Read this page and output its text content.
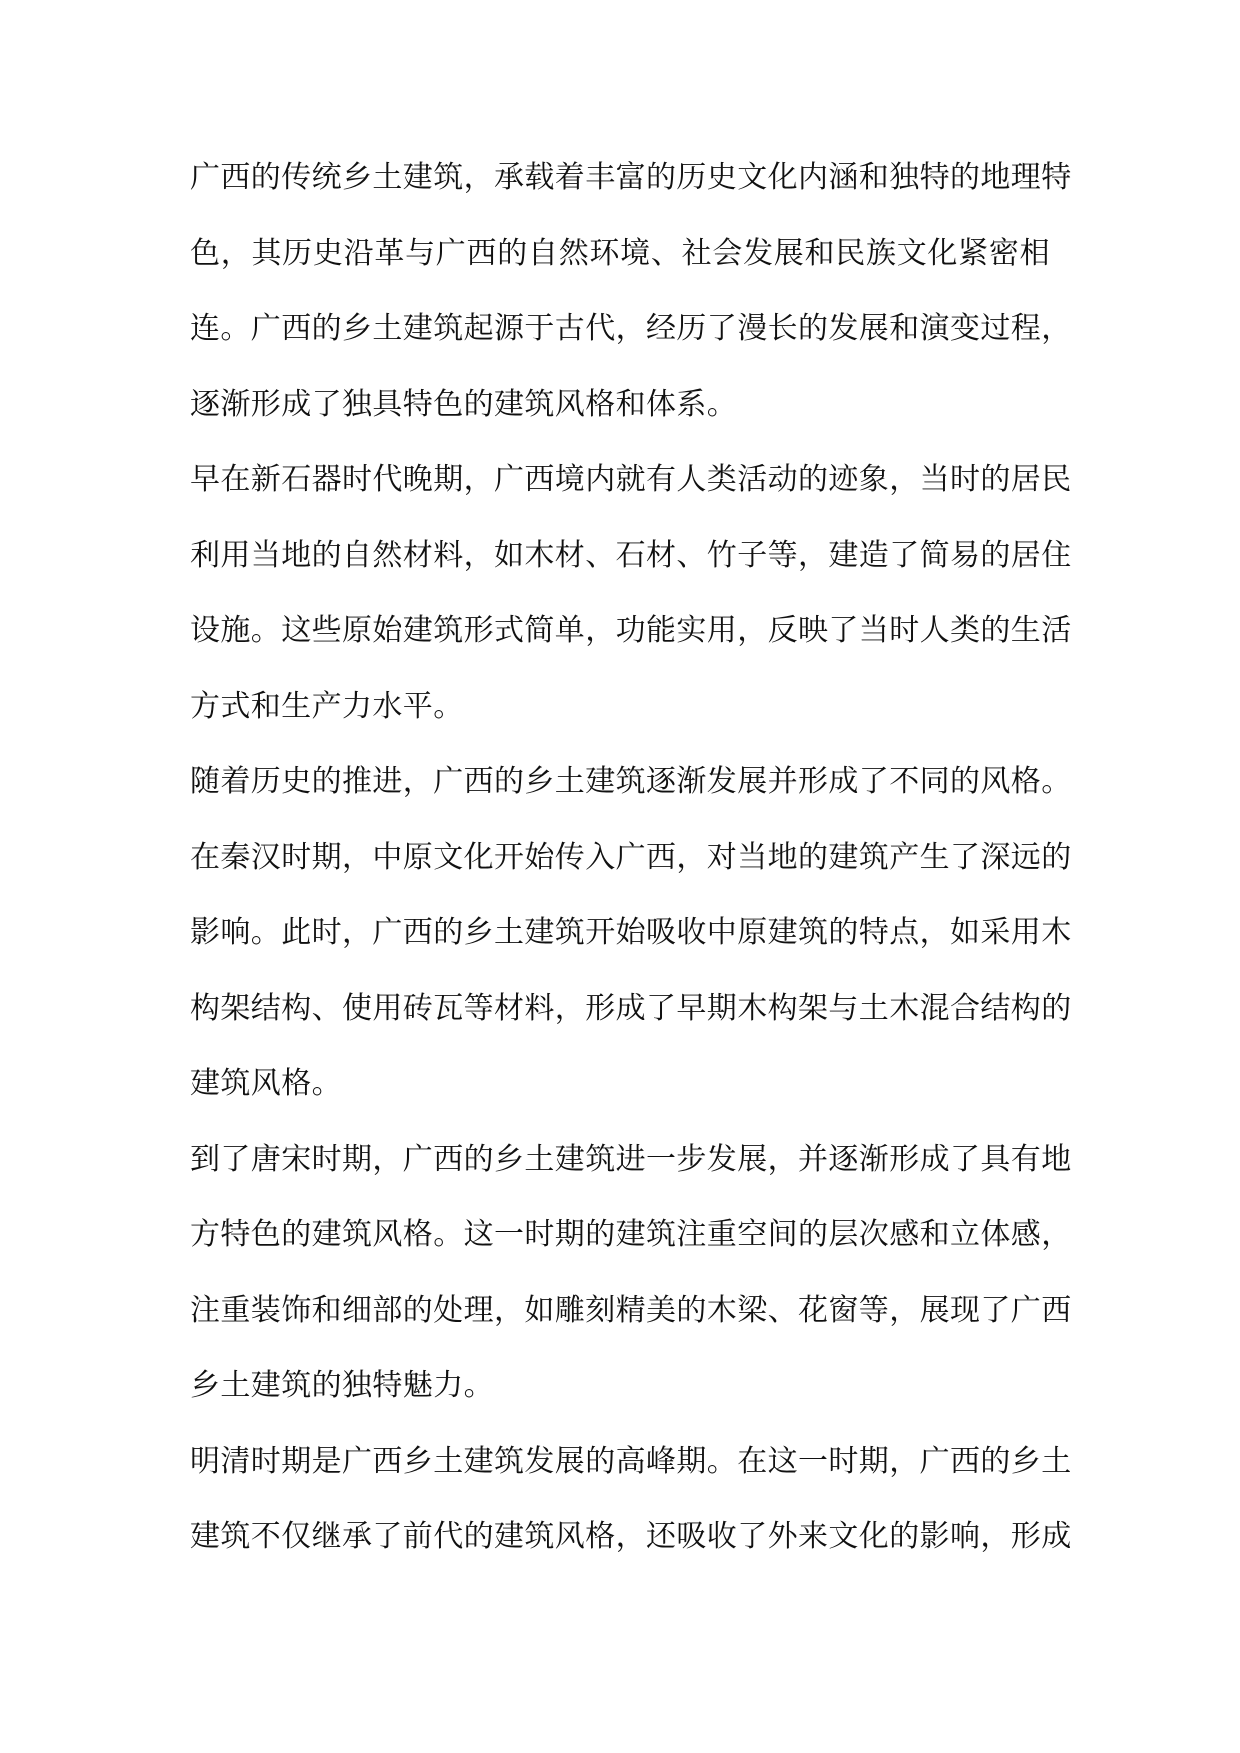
广西的传统乡土建筑，承载着丰富的历史文化内涵和独特的地理特
色，其历史沿革与广西的自然环境、社会发展和民族文化紧密相
连。广西的乡土建筑起源于古代，经历了漫长的发展和演变过程，
逐渐形成了独具特色的建筑风格和体系。
早在新石器时代晚期，广西境内就有人类活动的迹象，当时的居民
利用当地的自然材料，如木材、石材、竹子等，建造了简易的居住
设施。这些原始建筑形式简单，功能实用，反映了当时人类的生活
方式和生产力水平。
随着历史的推进，广西的乡土建筑逐渐发展并形成了不同的风格。
在秦汉时期，中原文化开始传入广西，对当地的建筑产生了深远的
影响。此时，广西的乡土建筑开始吸收中原建筑的特点，如采用木
构架结构、使用砖瓦等材料，形成了早期木构架与土木混合结构的
建筑风格。
到了唐宋时期，广西的乡土建筑进一步发展，并逐渐形成了具有地
方特色的建筑风格。这一时期的建筑注重空间的层次感和立体感，
注重装饰和细部的处理，如雕刻精美的木梁、花窗等，展现了广西
乡土建筑的独特魅力。
明清时期是广西乡土建筑发展的高峰期。在这一时期，广西的乡土
建筑不仅继承了前代的建筑风格，还吸收了外来文化的影响，形成
